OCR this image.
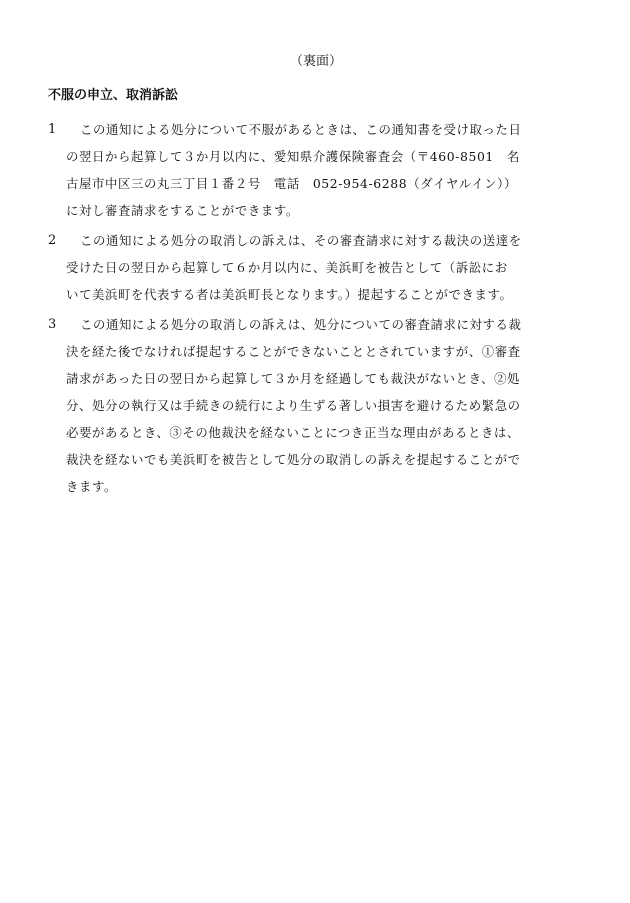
（裏面）
不服の申立、取消訴訟
1	この通知による処分について不服があるときは、この通知書を受け取った日
の翌日から起算して３か月以内に、愛知県介護保険審査会（〒460-8501　名
古屋市中区三の丸三丁目１番２号　電話　052-954-6288（ダイヤルイン））
に対し審査請求をすることができます。
2	この通知による処分の取消しの訴えは、その審査請求に対する裁決の送達を
受けた日の翌日から起算して６か月以内に、美浜町を被告として（訴訟にお
いて美浜町を代表する者は美浜町長となります。）提起することができます。
3	この通知による処分の取消しの訴えは、処分についての審査請求に対する裁
決を経た後でなければ提起することができないこととされていますが、①審査
請求があった日の翌日から起算して３か月を経過しても裁決がないとき、②処
分、処分の執行又は手続きの続行により生ずる著しい損害を避けるため緊急の
必要があるとき、③その他裁決を経ないことにつき正当な理由があるときは、
裁決を経ないでも美浜町を被告として処分の取消しの訴えを提起することがで
きます。
